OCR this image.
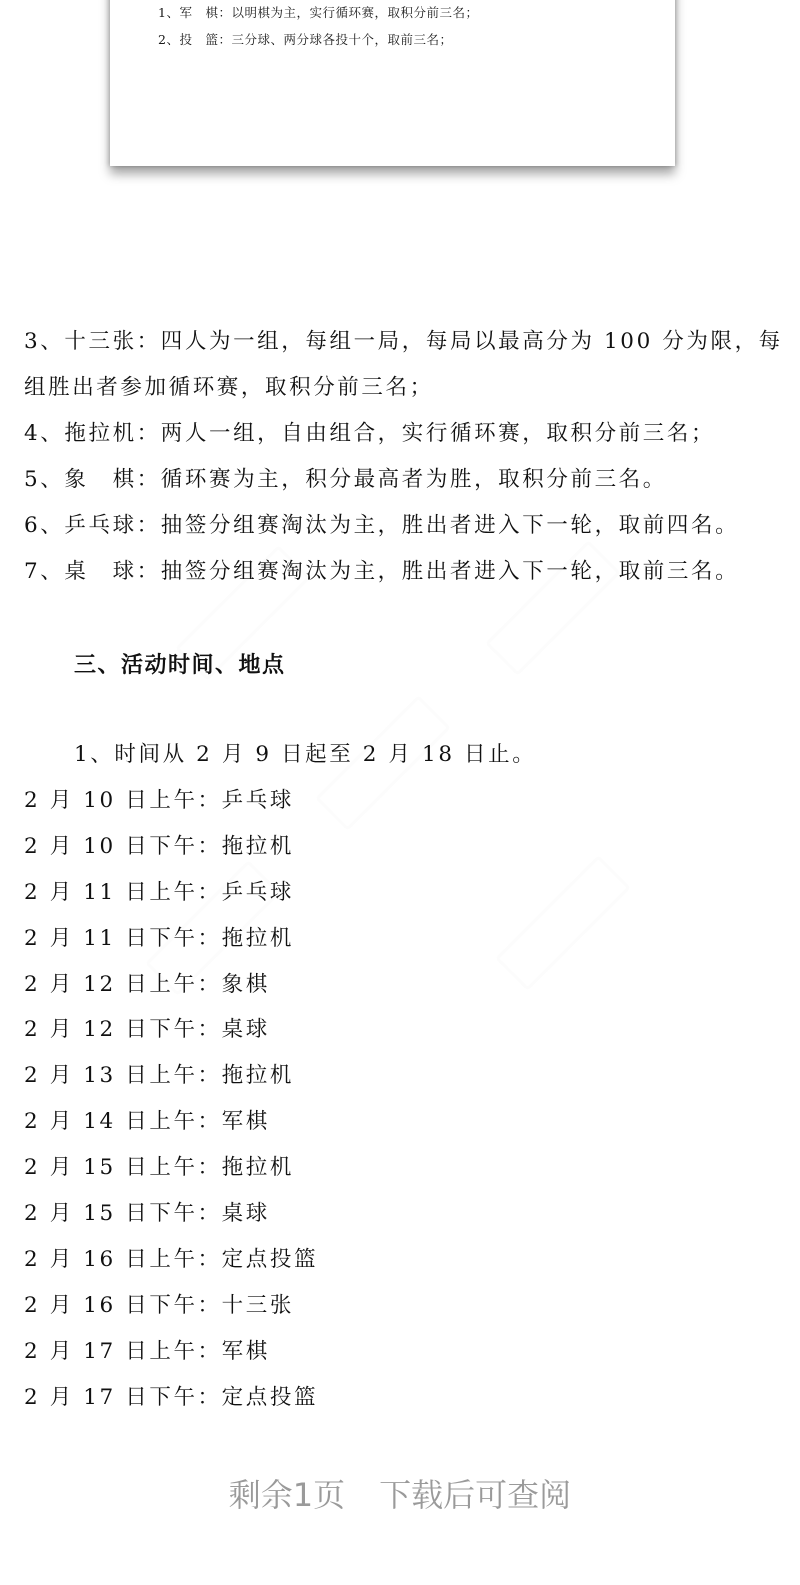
1、军　棋：以明棋为主，实行循环赛，取积分前三名；
2、投　篮：三分球、两分球各投十个，取前三名；
3、十三张：四人为一组，每组一局，每局以最高分为 100 分为限，每
组胜出者参加循环赛，取积分前三名；
4、拖拉机：两人一组，自由组合，实行循环赛，取积分前三名；
5、象　棋：循环赛为主，积分最高者为胜，取积分前三名。
6、乒乓球：抽签分组赛淘汰为主，胜出者进入下一轮，取前四名。
7、桌　球：抽签分组赛淘汰为主，胜出者进入下一轮，取前三名。
三、活动时间、地点
1、时间从 2 月 9 日起至 2 月 18 日止。
2 月 10 日上午：乒乓球
2 月 10 日下午：拖拉机
2 月 11 日上午：乒乓球
2 月 11 日下午：拖拉机
2 月 12 日上午：象棋
2 月 12 日下午：桌球
2 月 13 日上午：拖拉机
2 月 14 日上午：军棋
2 月 15 日上午：拖拉机
2 月 15 日下午：桌球
2 月 16 日上午：定点投篮
2 月 16 日下午：十三张
2 月 17 日上午：军棋
2 月 17 日下午：定点投篮
剩余1页 下载后可查阅
